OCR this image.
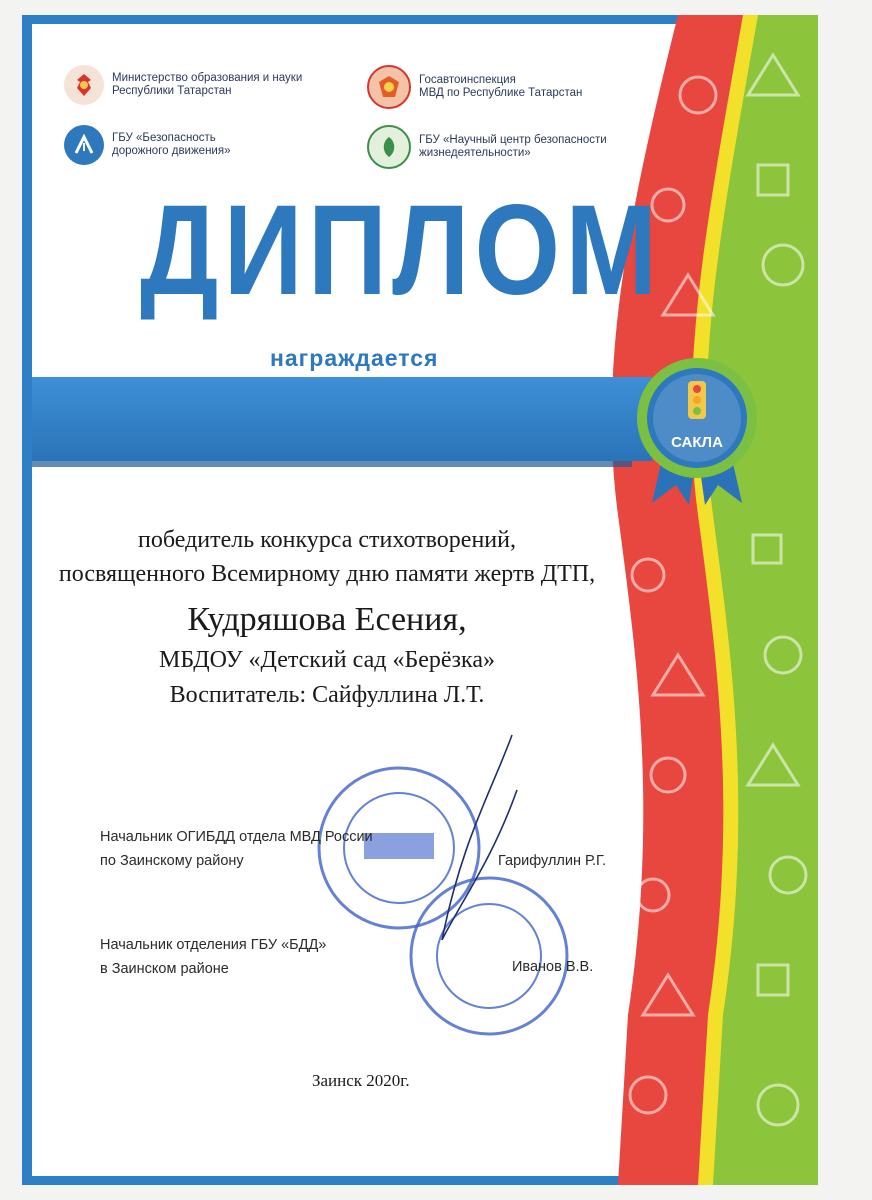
Министерство образования и науки
Республики Татарстан
Госавтоинспекция
МВД по Республике Татарстан
ГБУ «Безопасность
дорожного движения»
ГБУ «Научный центр безопасности
жизнедеятельности»
ДИПЛОМ
награждается
САКЛА
победитель конкурса стихотворений,
посвященного Всемирному дню памяти жертв ДТП,
Кудряшова Есения,
МБДОУ «Детский сад «Берёзка»
Воспитатель: Сайфуллина Л.Т.
Начальник ОГИБДД отдела МВД России
по Заинскому району	Гарифуллин Р.Г.
Начальник отделения ГБУ «БДД»
в Заинском районе	Иванов В.В.
Заинск 2020г.
